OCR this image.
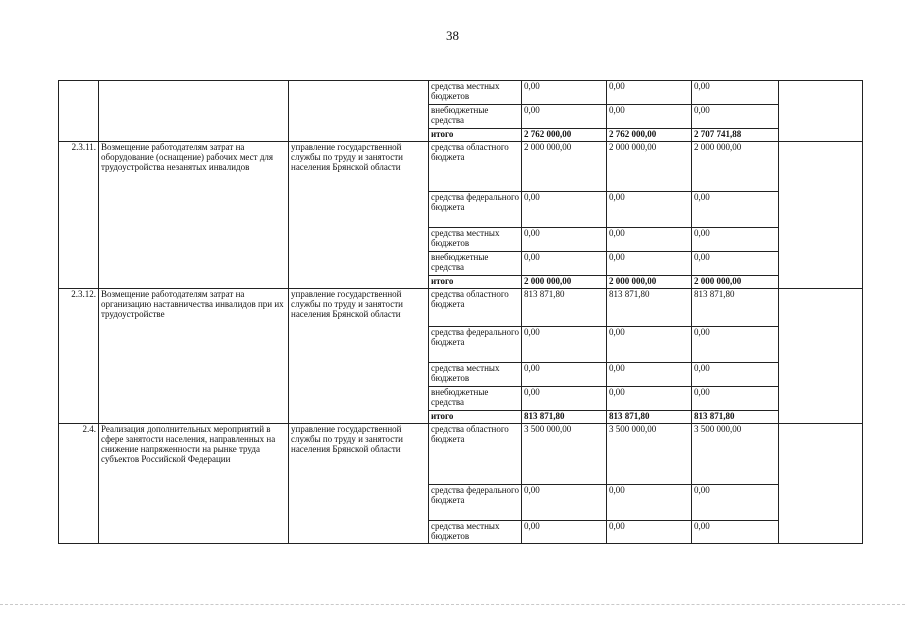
38
			средства местных бюджетов	0,00	0,00	0,00	
			внебюджетные средства	0,00	0,00	0,00	
			итого	2 762 000,00	2 762 000,00	2 707 741,88	
2.3.11.	Возмещение работодателям затрат на оборудование (оснащение) рабочих мест для трудоустройства незанятых инвалидов	управление государственной службы по труду и занятости населения Брянской области	средства областного бюджета	2 000 000,00	2 000 000,00	2 000 000,00	
			средства федерального бюджета	0,00	0,00	0,00	
			средства местных бюджетов	0,00	0,00	0,00	
			внебюджетные средства	0,00	0,00	0,00	
			итого	2 000 000,00	2 000 000,00	2 000 000,00	
2.3.12.	Возмещение работодателям затрат на организацию наставничества инвалидов при их трудоустройстве	управление государственной службы по труду и занятости населения Брянской области	средства областного бюджета	813 871,80	813 871,80	813 871,80	
			средства федерального бюджета	0,00	0,00	0,00	
			средства местных бюджетов	0,00	0,00	0,00	
			внебюджетные средства	0,00	0,00	0,00	
			итого	813 871,80	813 871,80	813 871,80	
2.4.	Реализация дополнительных мероприятий в сфере занятости населения, направленных на снижение напряженности на рынке труда субъектов Российской Федерации	управление государственной службы по труду и занятости населения Брянской области	средства областного бюджета	3 500 000,00	3 500 000,00	3 500 000,00	
			средства федерального бюджета	0,00	0,00	0,00	
			средства местных бюджетов	0,00	0,00	0,00	
